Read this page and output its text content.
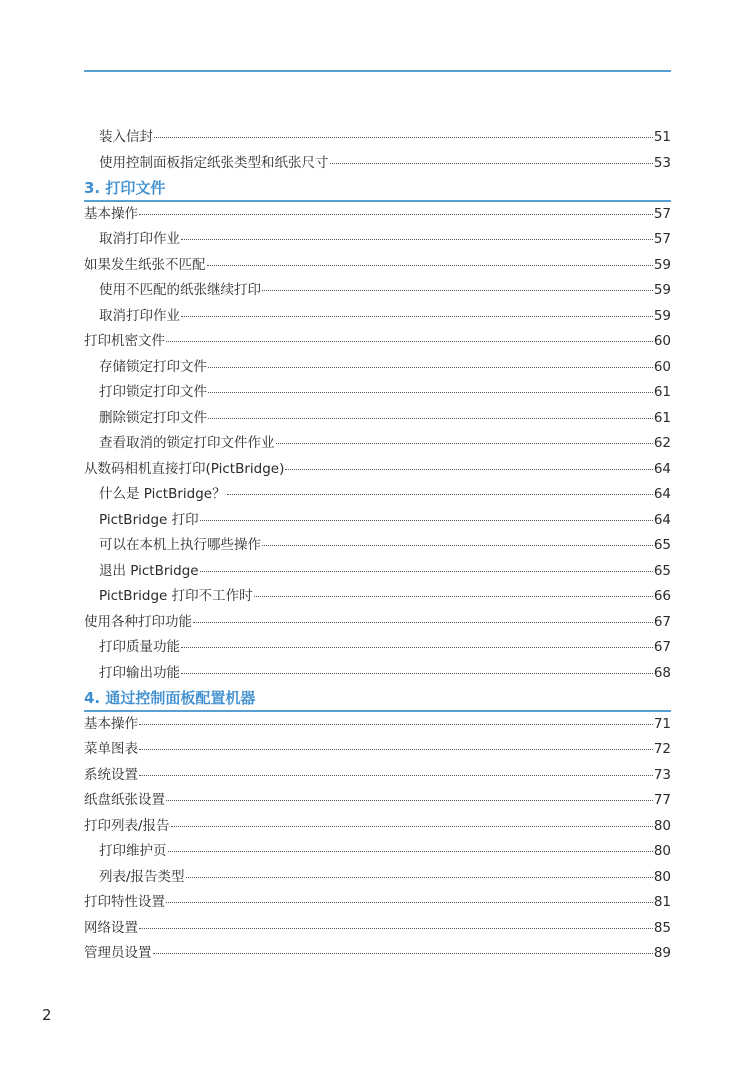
装入信封	51
使用控制面板指定纸张类型和纸张尺寸	53
3. 打印文件
基本操作	57
取消打印作业	57
如果发生纸张不匹配	59
使用不匹配的纸张继续打印	59
取消打印作业	59
打印机密文件	60
存储锁定打印文件	60
打印锁定打印文件	61
删除锁定打印文件	61
查看取消的锁定打印文件作业	62
从数码相机直接打印(PictBridge)	64
什么是 PictBridge？	64
PictBridge 打印	64
可以在本机上执行哪些操作	65
退出 PictBridge	65
PictBridge 打印不工作时	66
使用各种打印功能	67
打印质量功能	67
打印输出功能	68
4. 通过控制面板配置机器
基本操作	71
菜单图表	72
系统设置	73
纸盘纸张设置	77
打印列表/报告	80
打印维护页	80
列表/报告类型	80
打印特性设置	81
网络设置	85
管理员设置	89
2
